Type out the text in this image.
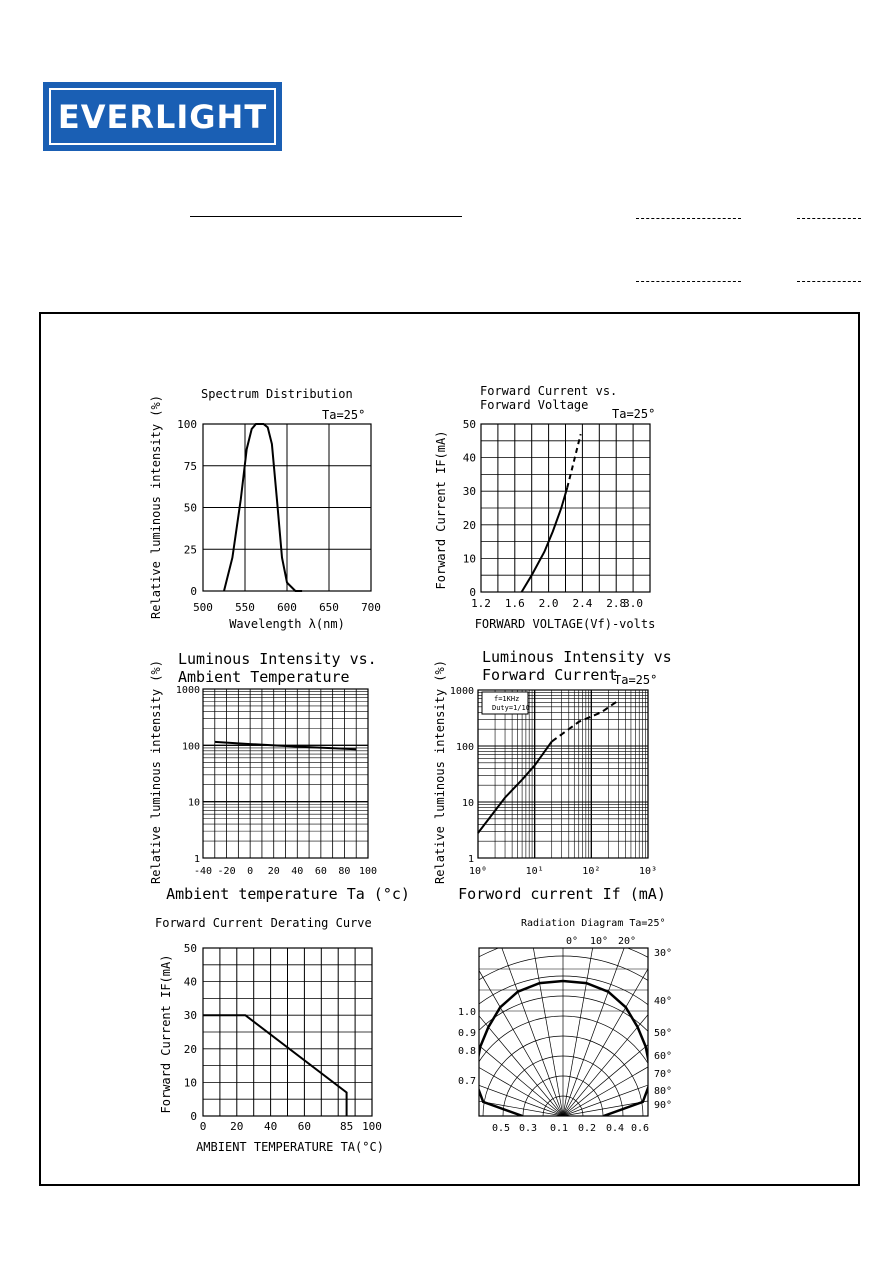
EVERLIGHT
Spectrum Distribution
Ta=25°
500 550 600 650 700
0
25
50
75
100
Wavelength λ(nm)
Relative luminous intensity (%)
Forward Current vs.
Forward Voltage
Ta=25°
1.2 1.6 2.0 2.4 2.8
3.0
0
10
20
30
40
50
FORWARD VOLTAGE(Vf)-volts
Forward Current IF(mA)
Luminous Intensity vs.
Ambient Temperature
-40 -20 0 20 40 60 80 100
1
10
100
1000
Ambient temperature Ta (°c)
Relative luminous intensity (%)	f=1KHz
Duty=1/10
Luminous Intensity vs
Forward Current
Ta=25°
10⁰	10¹	10²	10³
1
10
100
1000
Forword current If (mA)
Relative luminous intensity (%)
Forward Current Derating Curve
0 20 40 60	85 100
0
10
20
30
40
50
AMBIENT TEMPERATURE TA(°C)
Forward Current IF(mA)
Radiation Diagram Ta=25°
0° 10° 20°
30°
40°
50°
60°
70°
80°
90°
1.0
0.9
0.8
0.7
0.5 0.3 0.1 0.2 0.4 0.6
